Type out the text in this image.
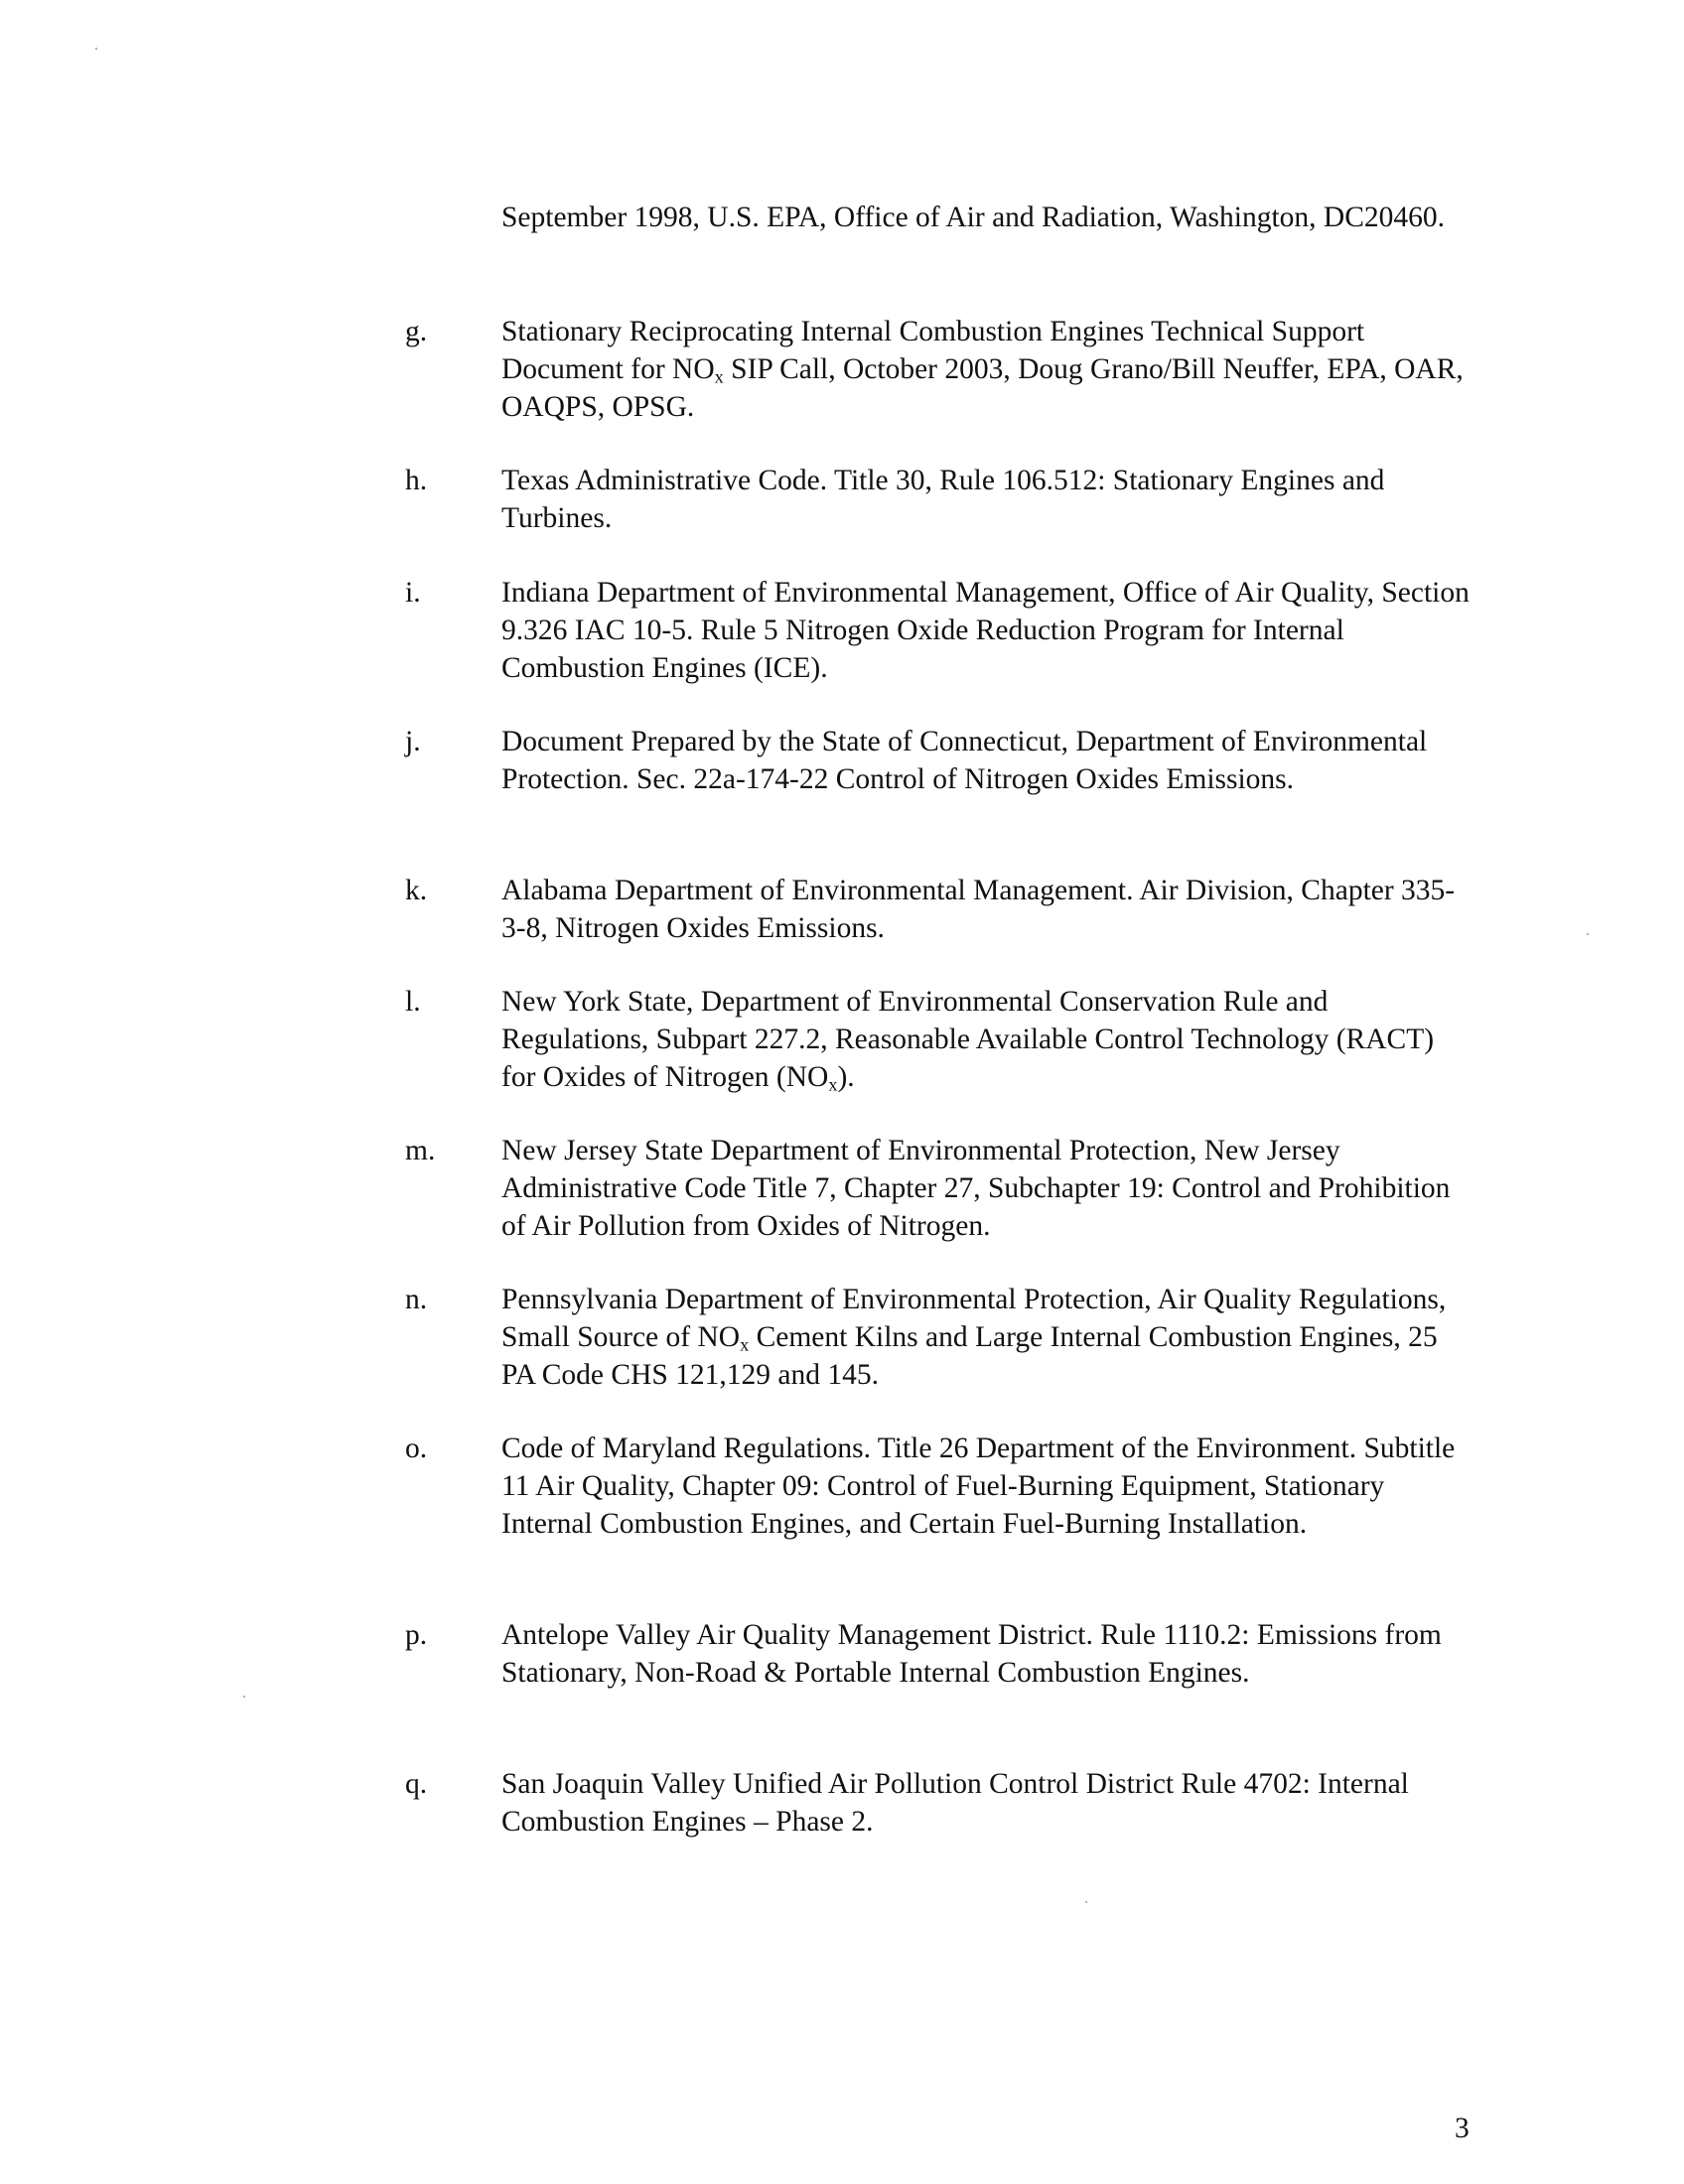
September 1998, U.S. EPA, Office of Air and Radiation, Washington, DC20460.
g.	Stationary Reciprocating Internal Combustion Engines Technical Support Document for $NO_x$ SIP Call, October 2003, Doug Grano/Bill Neuffer, EPA, OAR, OAQPS, OPSG.
h.	Texas Administrative Code. Title 30, Rule 106.512: Stationary Engines and Turbines.
i.	Indiana Department of Environmental Management, Office of Air Quality, Section 9.326 IAC 10-5. Rule 5 Nitrogen Oxide Reduction Program for Internal Combustion Engines (ICE).
j.	Document Prepared by the State of Connecticut, Department of Environmental Protection. Sec. 22a-174-22 Control of Nitrogen Oxides Emissions.
k.	Alabama Department of Environmental Management. Air Division, Chapter 335-3-8, Nitrogen Oxides Emissions.
l.	New York State, Department of Environmental Conservation Rule and Regulations, Subpart 227.2, Reasonable Available Control Technology (RACT) for Oxides of Nitrogen $(NO_x)$.
m.	New Jersey State Department of Environmental Protection, New Jersey Administrative Code Title 7, Chapter 27, Subchapter 19: Control and Prohibition of Air Pollution from Oxides of Nitrogen.
n.	Pennsylvania Department of Environmental Protection, Air Quality Regulations, Small Source of $NO_x$ Cement Kilns and Large Internal Combustion Engines, 25 PA Code CHS 121,129 and 145.
o.	Code of Maryland Regulations. Title 26 Department of the Environment. Subtitle 11 Air Quality, Chapter 09: Control of Fuel-Burning Equipment, Stationary Internal Combustion Engines, and Certain Fuel-Burning Installation.
p.	Antelope Valley Air Quality Management District. Rule 1110.2: Emissions from Stationary, Non-Road & Portable Internal Combustion Engines.
q.	San Joaquin Valley Unified Air Pollution Control District Rule 4702: Internal Combustion Engines – Phase 2.
3
